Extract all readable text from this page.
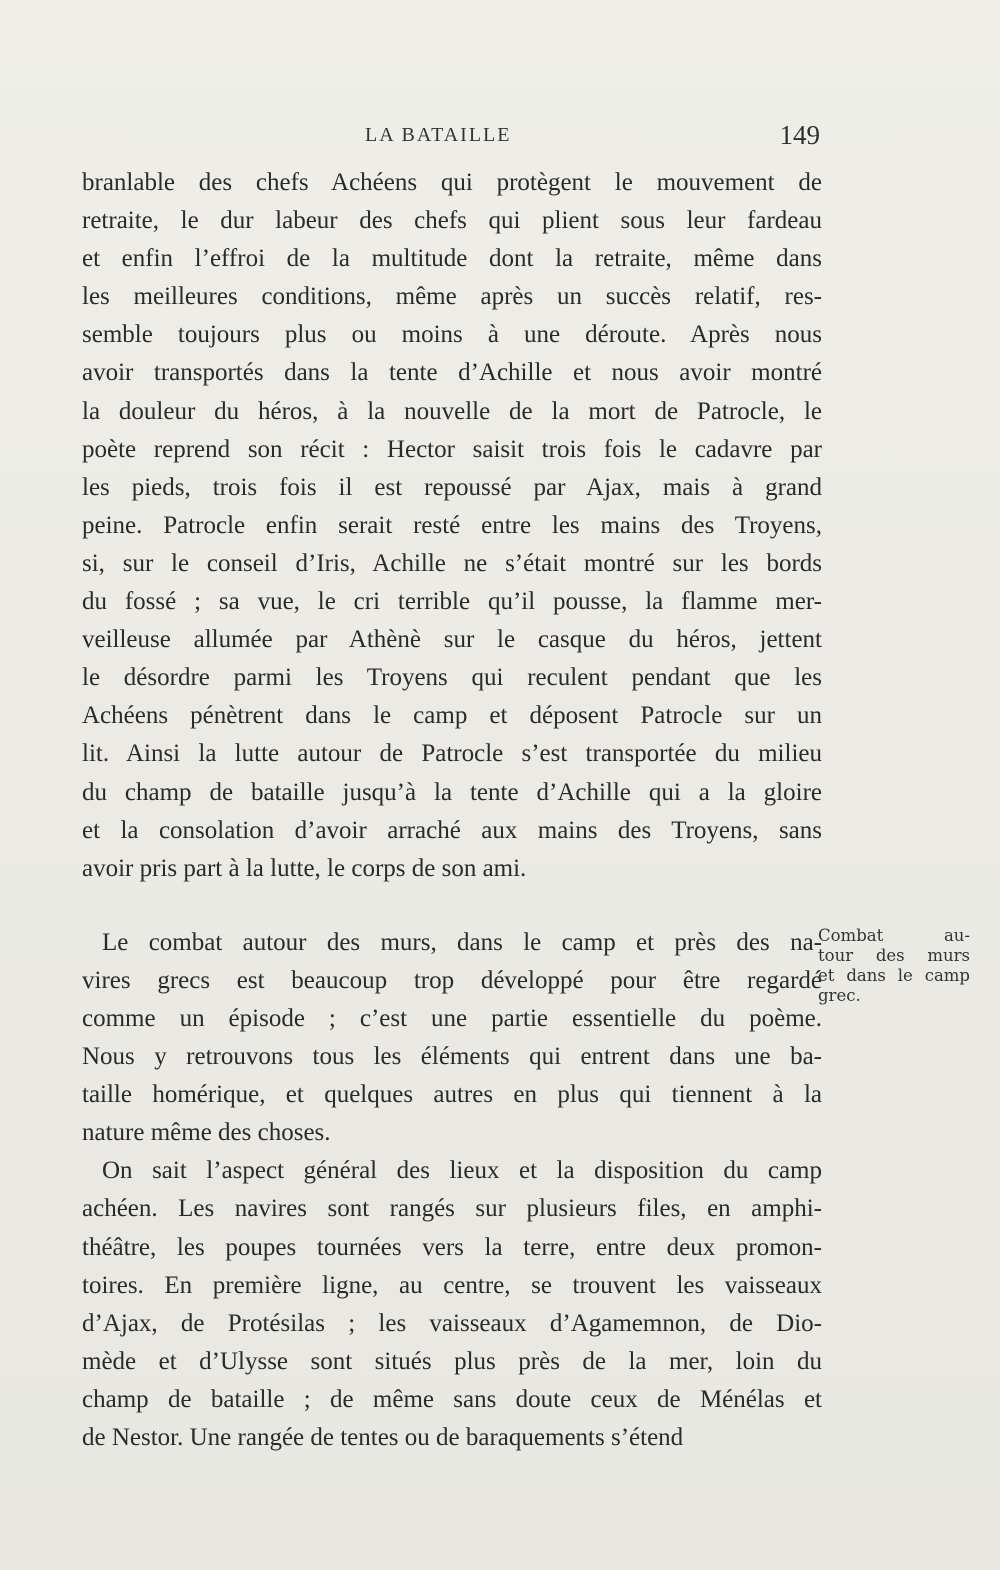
LA BATAILLE	149
branlable des chefs Achéens qui protègent le mouvement de
retraite, le dur labeur des chefs qui plient sous leur fardeau
et enfin l’effroi de la multitude dont la retraite, même dans
les meilleures conditions, même après un succès relatif, res-
semble toujours plus ou moins à une déroute. Après nous
avoir transportés dans la tente d’Achille et nous avoir montré
la douleur du héros, à la nouvelle de la mort de Patrocle, le
poète reprend son récit : Hector saisit trois fois le cadavre par
les pieds, trois fois il est repoussé par Ajax, mais à grand
peine. Patrocle enfin serait resté entre les mains des Troyens,
si, sur le conseil d’Iris, Achille ne s’était montré sur les bords
du fossé ; sa vue, le cri terrible qu’il pousse, la flamme mer-
veilleuse allumée par Athènè sur le casque du héros, jettent
le désordre parmi les Troyens qui reculent pendant que les
Achéens pénètrent dans le camp et déposent Patrocle sur un
lit. Ainsi la lutte autour de Patrocle s’est transportée du milieu
du champ de bataille jusqu’à la tente d’Achille qui a la gloire
et la consolation d’avoir arraché aux mains des Troyens, sans
avoir pris part à la lutte, le corps de son ami.
Le combat autour des murs, dans le camp et près des na-
vires grecs est beaucoup trop développé pour être regardé
comme un épisode ; c’est une partie essentielle du poème.
Nous y retrouvons tous les éléments qui entrent dans une ba-
taille homérique, et quelques autres en plus qui tiennent à la
nature même des choses.
On sait l’aspect général des lieux et la disposition du camp
achéen. Les navires sont rangés sur plusieurs files, en amphi-
théâtre, les poupes tournées vers la terre, entre deux promon-
toires. En première ligne, au centre, se trouvent les vaisseaux
d’Ajax, de Protésilas ; les vaisseaux d’Agamemnon, de Dio-
mède et d’Ulysse sont situés plus près de la mer, loin du
champ de bataille ; de même sans doute ceux de Ménélas et
de Nestor. Une rangée de tentes ou de baraquements s’étend
Combat au-
tour des murs
et dans le camp
grec.
